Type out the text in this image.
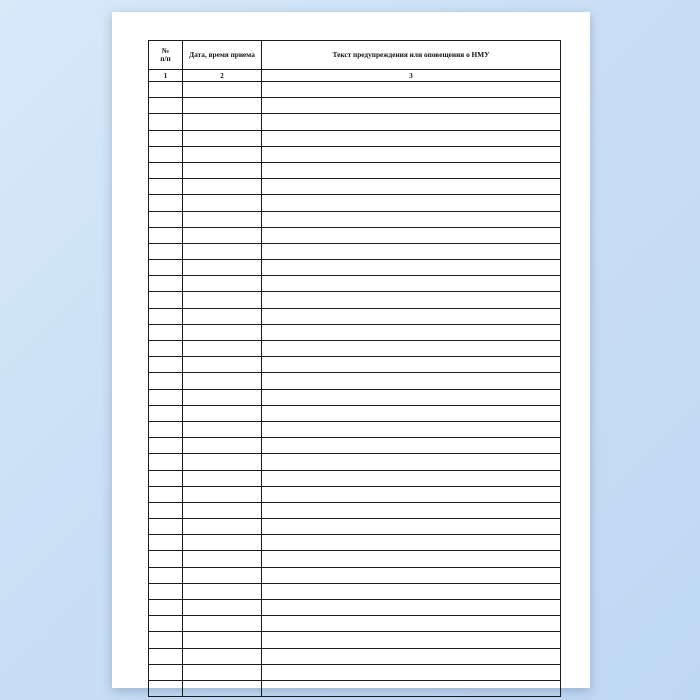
№
п/п	Дата, время приема	Текст предупреждения или оповещения о НМУ
1	2	3
